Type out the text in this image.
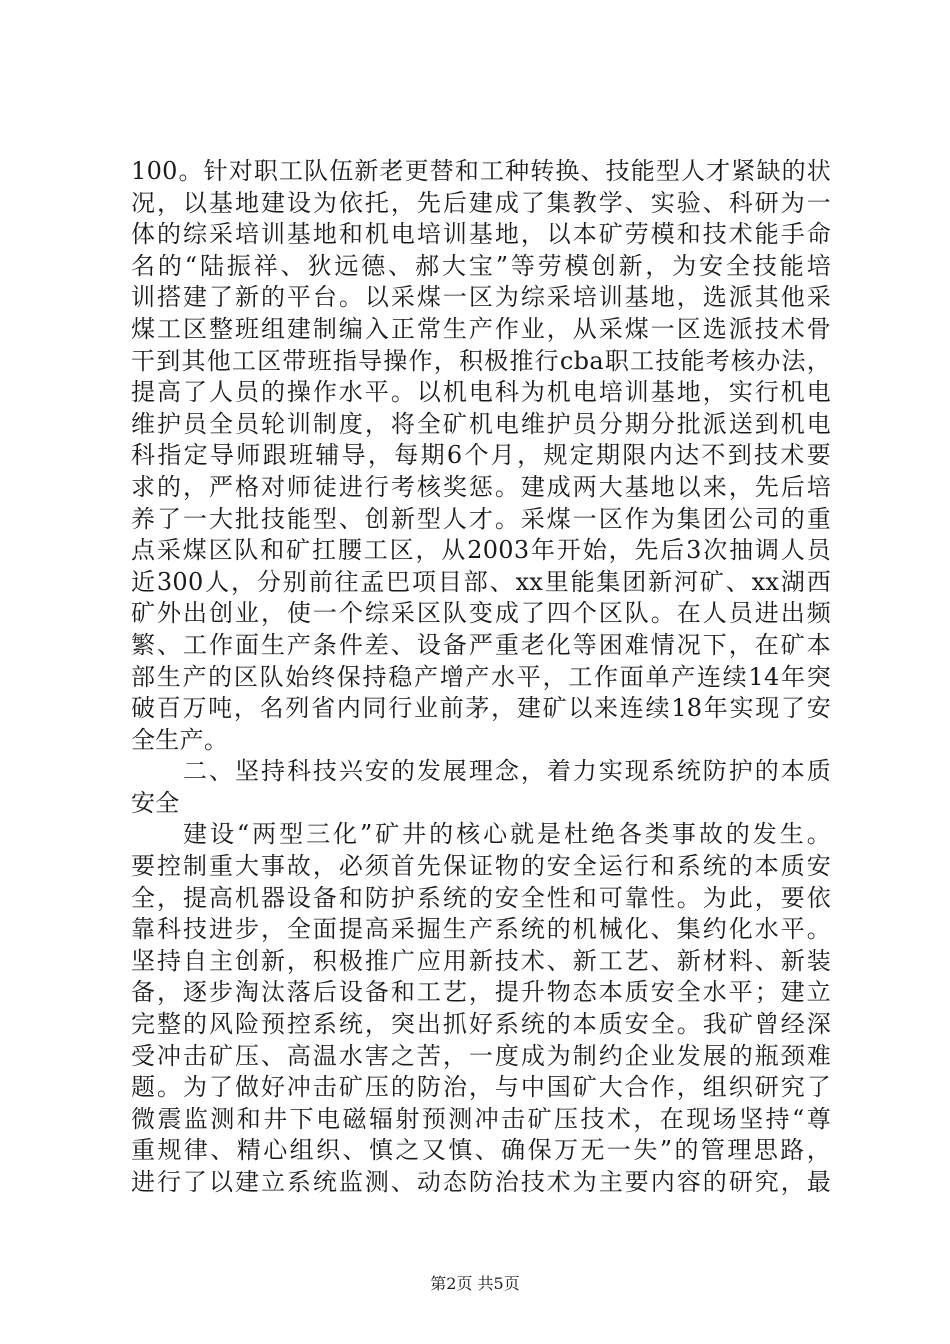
100。针对职工队伍新老更替和工种转换、技能型人才紧缺的状
况，以基地建设为依托，先后建成了集教学、实验、科研为一
体的综采培训基地和机电培训基地，以本矿劳模和技术能手命
名的“陆振祥、狄远德、郝大宝”等劳模创新，为安全技能培
训搭建了新的平台。以采煤一区为综采培训基地，选派其他采
煤工区整班组建制编入正常生产作业，从采煤一区选派技术骨
干到其他工区带班指导操作，积极推行cba职工技能考核办法，
提高了人员的操作水平。以机电科为机电培训基地，实行机电
维护员全员轮训制度，将全矿机电维护员分期分批派送到机电
科指定导师跟班辅导，每期6个月，规定期限内达不到技术要
求的，严格对师徒进行考核奖惩。建成两大基地以来，先后培
养了一大批技能型、创新型人才。采煤一区作为集团公司的重
点采煤区队和矿扛腰工区，从2003年开始，先后3次抽调人员
近300人，分别前往孟巴项目部、xx里能集团新河矿、xx湖西
矿外出创业，使一个综采区队变成了四个区队。在人员进出频
繁、工作面生产条件差、设备严重老化等困难情况下，在矿本
部生产的区队始终保持稳产增产水平，工作面单产连续14年突
破百万吨，名列省内同行业前茅，建矿以来连续18年实现了安
全生产。
二、坚持科技兴安的发展理念，着力实现系统防护的本质
安全
建设“两型三化”矿井的核心就是杜绝各类事故的发生。
要控制重大事故，必须首先保证物的安全运行和系统的本质安
全，提高机器设备和防护系统的安全性和可靠性。为此，要依
靠科技进步，全面提高采掘生产系统的机械化、集约化水平。
坚持自主创新，积极推广应用新技术、新工艺、新材料、新装
备，逐步淘汰落后设备和工艺，提升物态本质安全水平；建立
完整的风险预控系统，突出抓好系统的本质安全。我矿曾经深
受冲击矿压、高温水害之苦，一度成为制约企业发展的瓶颈难
题。为了做好冲击矿压的防治，与中国矿大合作，组织研究了
微震监测和井下电磁辐射预测冲击矿压技术，在现场坚持“尊
重规律、精心组织、慎之又慎、确保万无一失”的管理思路，
进行了以建立系统监测、动态防治技术为主要内容的研究，最
第2页 共5页
